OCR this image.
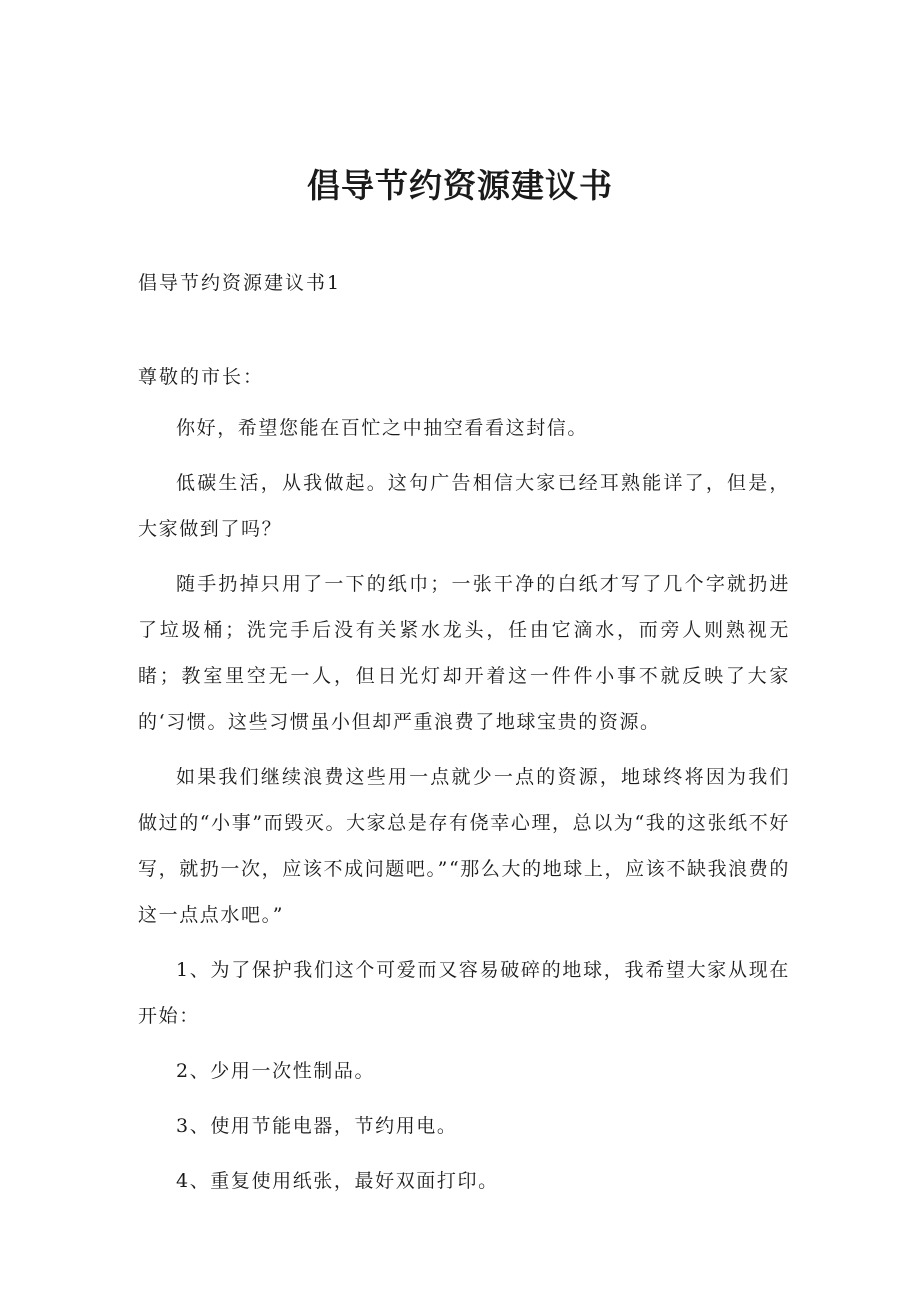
倡导节约资源建议书

倡导节约资源建议书1

尊敬的市长：

你好，希望您能在百忙之中抽空看看这封信。

低碳生活，从我做起。这句广告相信大家已经耳熟能详了，但是，大家做到了吗？

随手扔掉只用了一下的纸巾；一张干净的白纸才写了几个字就扔进了垃圾桶；洗完手后没有关紧水龙头，任由它滴水，而旁人则熟视无睹；教室里空无一人，但日光灯却开着这一件件小事不就反映了大家的‘习惯。这些习惯虽小但却严重浪费了地球宝贵的资源。

如果我们继续浪费这些用一点就少一点的资源，地球终将因为我们做过的“小事”而毁灭。大家总是存有侥幸心理，总以为“我的这张纸不好写，就扔一次，应该不成问题吧。”“那么大的地球上，应该不缺我浪费的这一点点水吧。”

1、为了保护我们这个可爱而又容易破碎的地球，我希望大家从现在开始：

2、少用一次性制品。

3、使用节能电器，节约用电。

4、重复使用纸张，最好双面打印。
